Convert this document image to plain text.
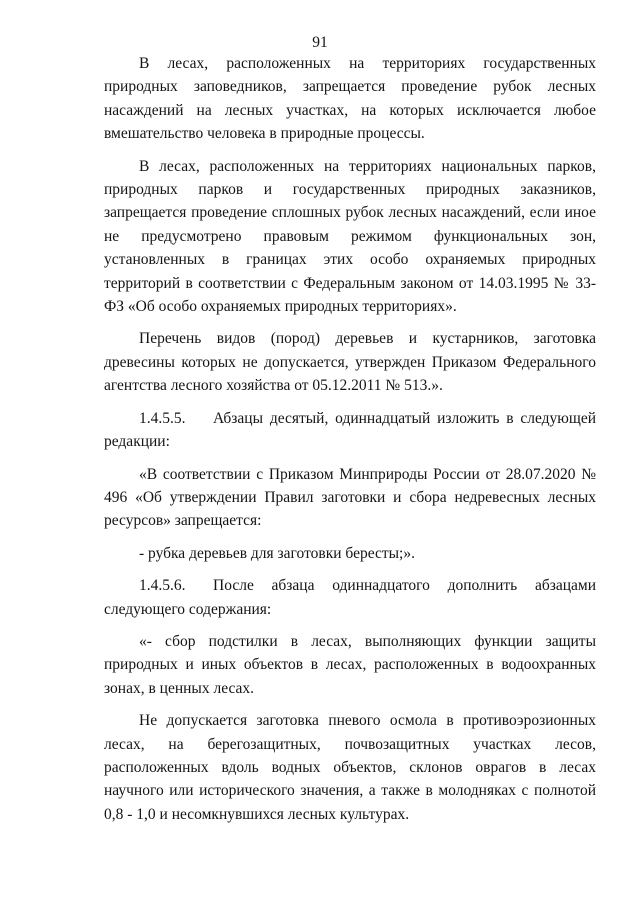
91

В лесах, расположенных на территориях государственных природных заповедников, запрещается проведение рубок лесных насаждений на лесных участках, на которых исключается любое вмешательство человека в природные процессы.

В лесах, расположенных на территориях национальных парков, природных парков и государственных природных заказников, запрещается проведение сплошных рубок лесных насаждений, если иное не предусмотрено правовым режимом функциональных зон, установленных в границах этих особо охраняемых природных территорий в соответствии с Федеральным законом от 14.03.1995 № 33-ФЗ «Об особо охраняемых природных территориях».

Перечень видов (пород) деревьев и кустарников, заготовка древесины которых не допускается, утвержден Приказом Федерального агентства лесного хозяйства от 05.12.2011 № 513.».

1.4.5.5. Абзацы десятый, одиннадцатый изложить в следующей редакции:

«В соответствии с Приказом Минприроды России от 28.07.2020 № 496 «Об утверждении Правил заготовки и сбора недревесных лесных ресурсов» запрещается:

- рубка деревьев для заготовки бересты;».

1.4.5.6. После абзаца одиннадцатого дополнить абзацами следующего содержания:

«- сбор подстилки в лесах, выполняющих функции защиты природных и иных объектов в лесах, расположенных в водоохранных зонах, в ценных лесах.

Не допускается заготовка пневого осмола в противоэрозионных лесах, на берегозащитных, почвозащитных участках лесов, расположенных вдоль водных объектов, склонов оврагов в лесах научного или исторического значения, а также в молодняках с полнотой 0,8 - 1,0 и несомкнувшихся лесных культурах.
